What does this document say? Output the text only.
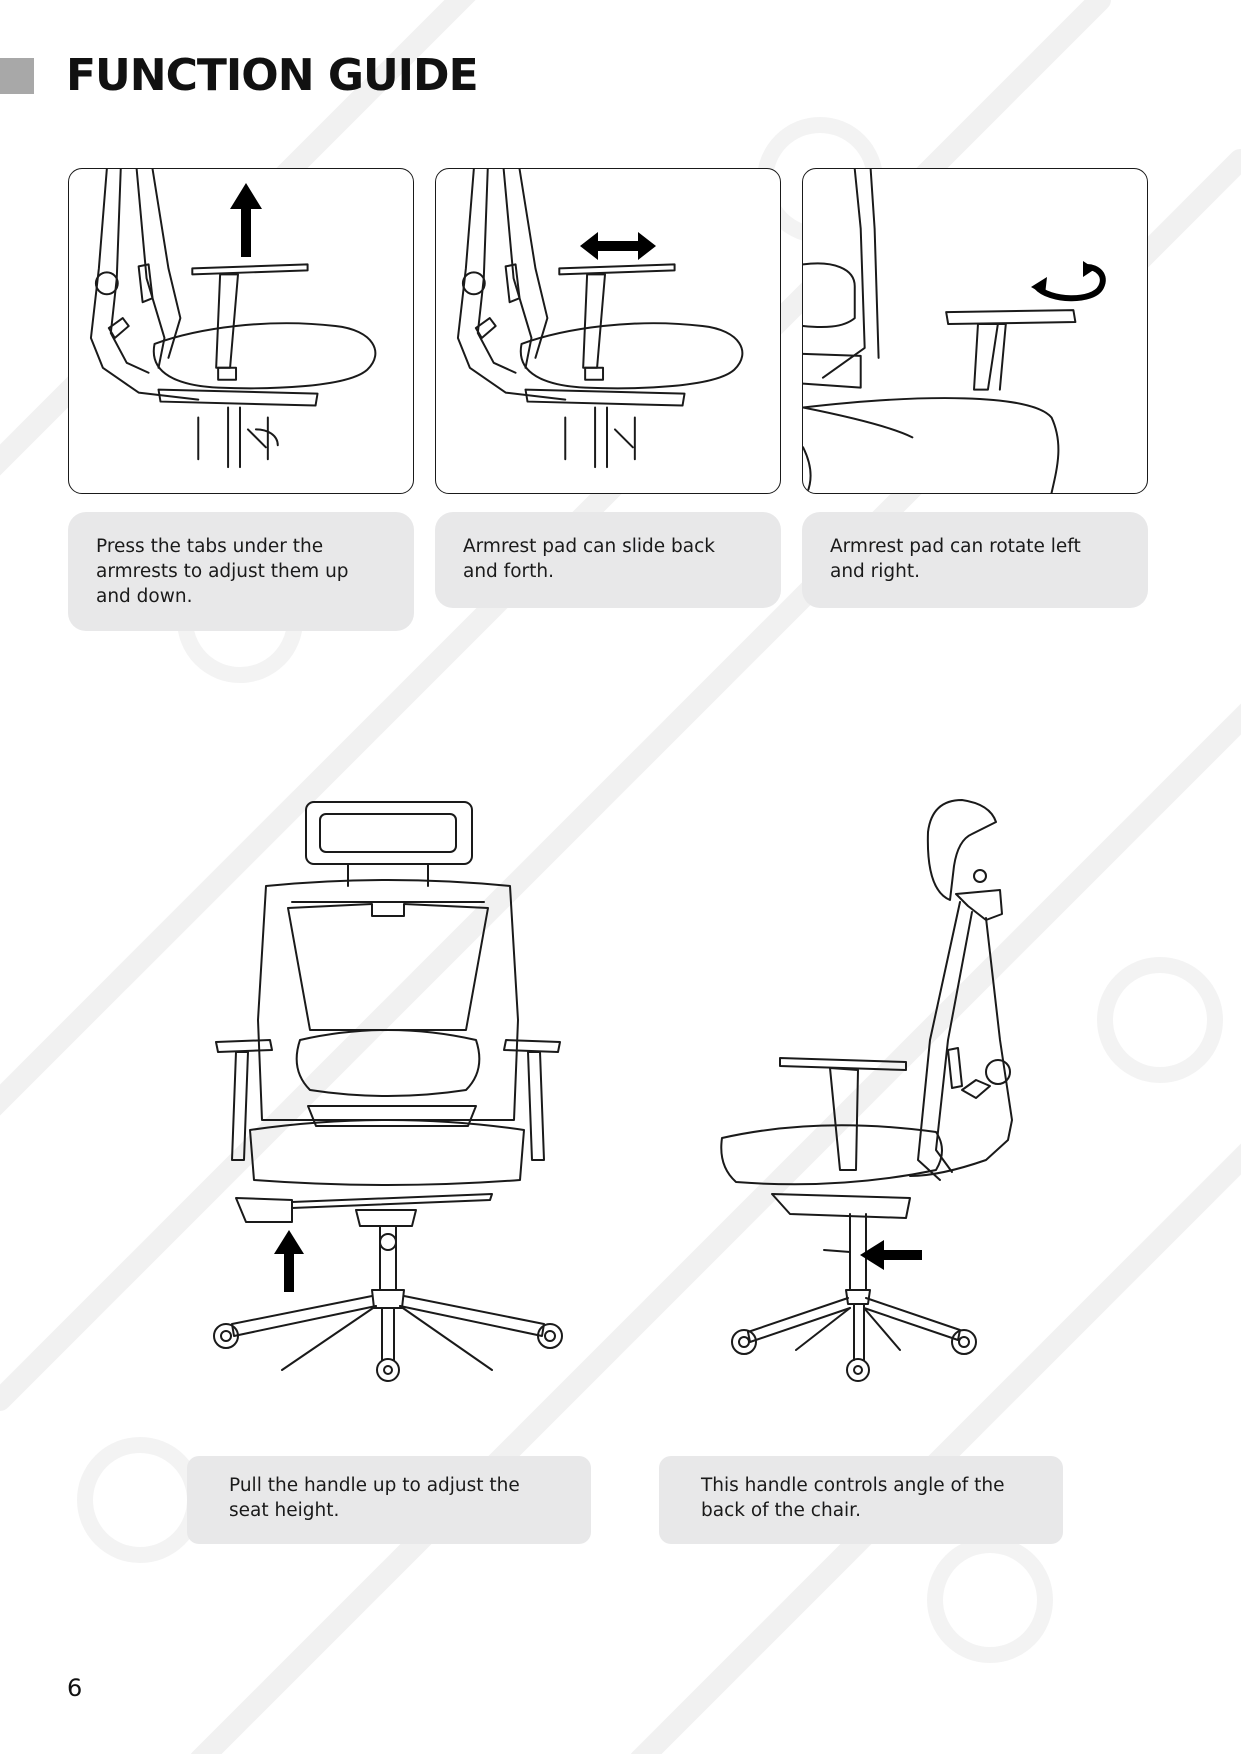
FUNCTION GUIDE
Press the tabs under the armrests to adjust them up and down.
Armrest pad can slide back and forth.
Armrest pad can rotate left and right.
Pull the handle up to adjust the seat height.
This handle controls angle of the back of the chair.
6
